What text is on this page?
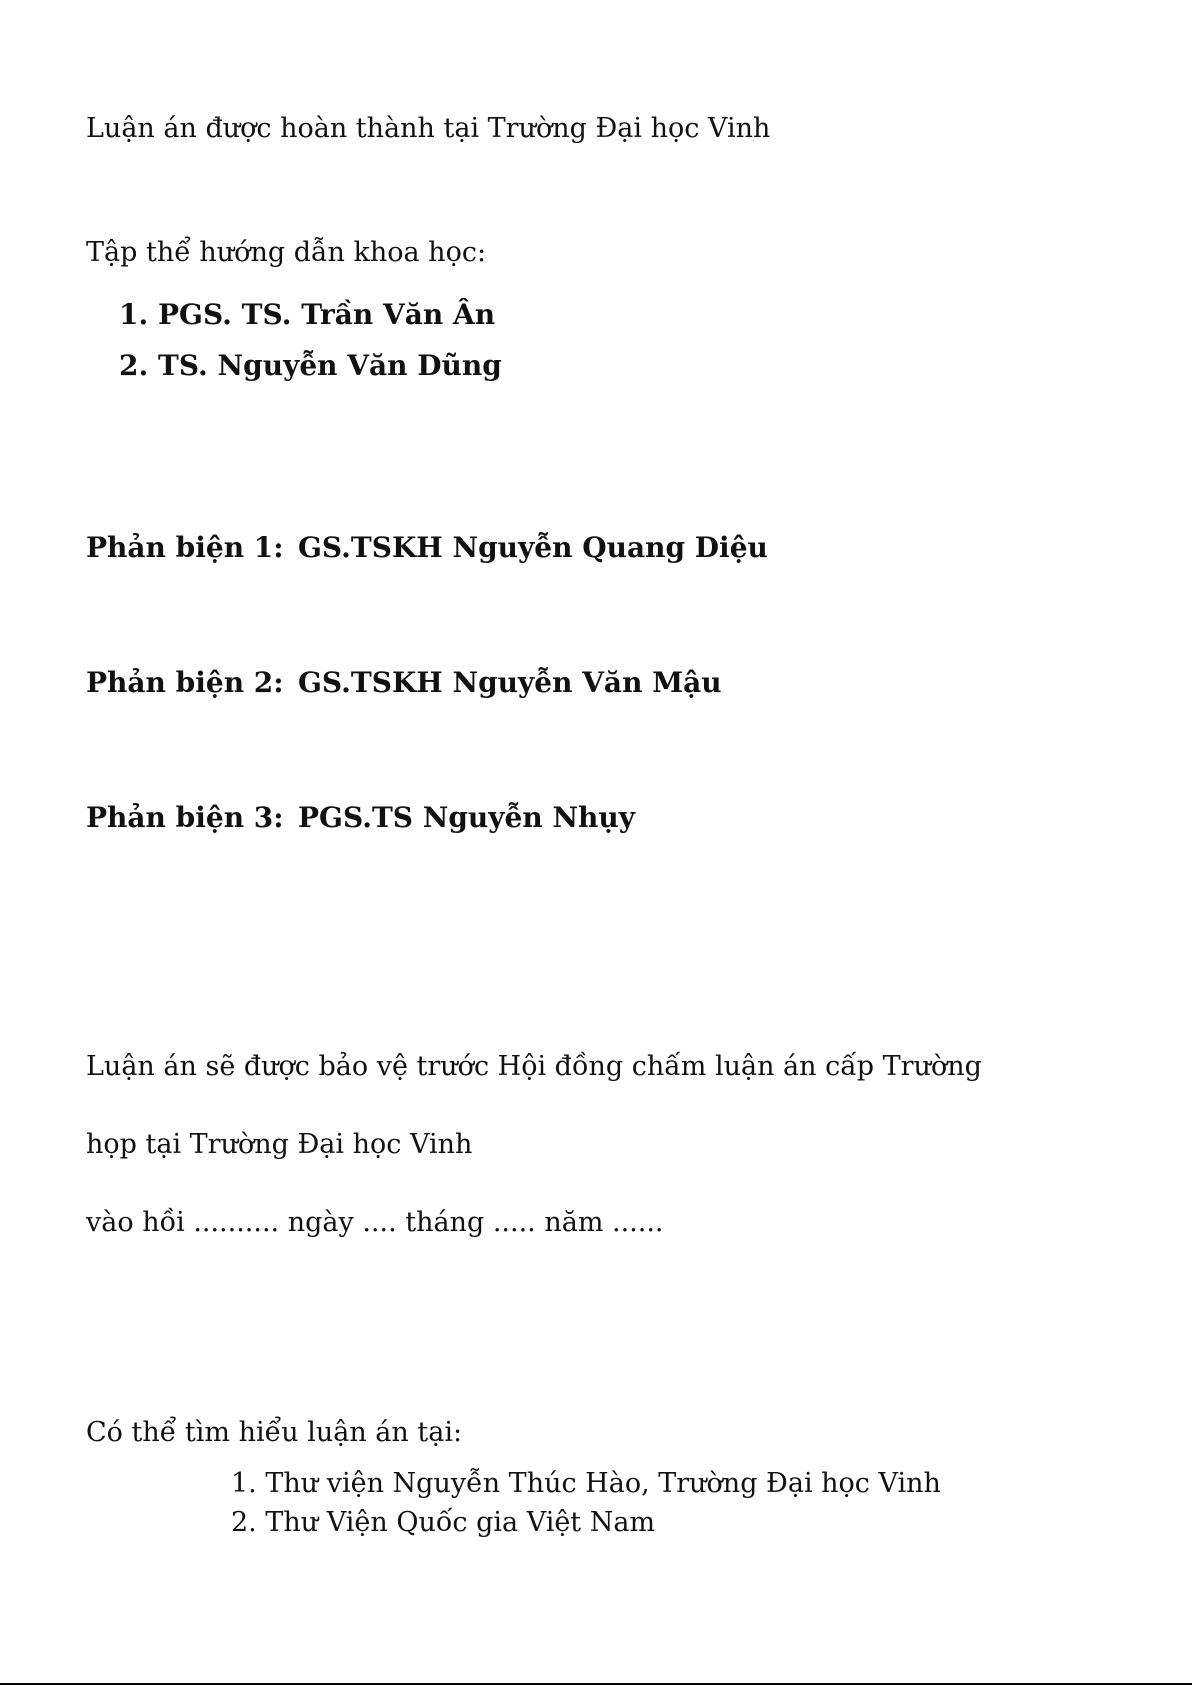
Luận án được hoàn thành tại Trường Đại học Vinh
Tập thể hướng dẫn khoa học:
1. PGS. TS. Trần Văn Ân
2. TS. Nguyễn Văn Dũng
Phản biện 1: GS.TSKH Nguyễn Quang Diệu
Phản biện 2: GS.TSKH Nguyễn Văn Mậu
Phản biện 3: PGS.TS Nguyễn Nhụy
Luận án sẽ được bảo vệ trước Hội đồng chấm luận án cấp Trường
họp tại Trường Đại học Vinh
vào hồi .......... ngày .... tháng ..... năm ......
Có thể tìm hiểu luận án tại:
1. Thư viện Nguyễn Thúc Hào, Trường Đại học Vinh
2. Thư Viện Quốc gia Việt Nam
